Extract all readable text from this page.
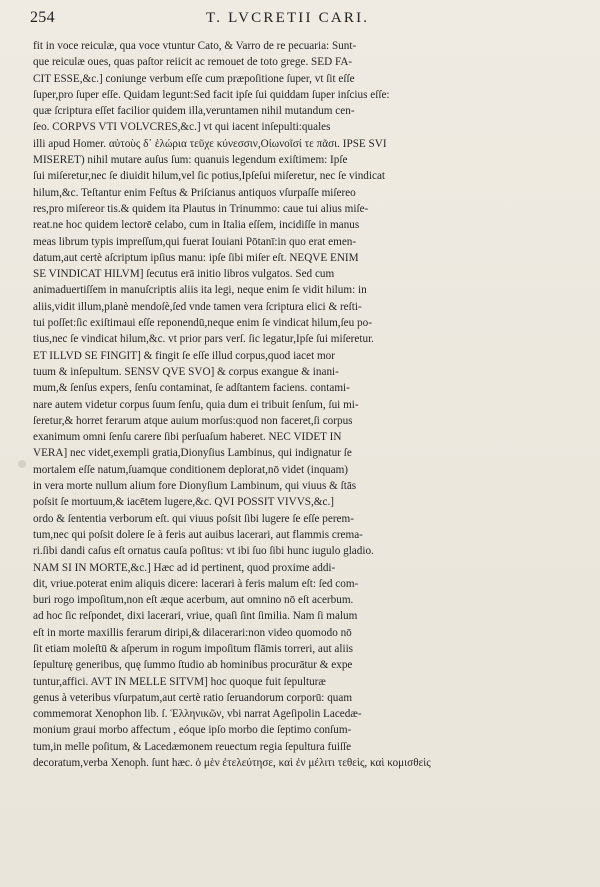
254	T. LVCRETII CARI.
fit in voce reiculæ, qua voce vtuntur Cato, & Varro de re pecuaria: Sunt-
que reiculæ oues, quas paſtor reiicit ac remouet de toto grege. SED FA-
CIT ESSE,&c.] coniunge verbum eſſe cum præpoſitione ſuper, vt ſit eſſe
ſuper,pro ſuper eſſe. Quidam legunt:Sed facit ipſe ſui quiddam ſuper inſcius eſſe:
quæ ſcriptura eſſet facilior quidem illa,veruntamen nihil mutandum cen-
ſeo. CORPVS VTI VOLVCRES,&c.] vt qui iacent inſepulti:quales
illi apud Homer. αὐτοὺς δ᾽ ἑλώρια τεῦχε κύνεσσιν,Οἰωνοῖσί τε πᾶσι. IPSE SVI
MISERET) nihil mutare auſus ſum: quanuis legendum exiſtimem: Ipſe
ſui miſeretur,nec ſe diuidit hilum,vel ſic potius,Ipſeſui miſeretur, nec ſe vindicat
hilum,&c. Teſtantur enim Feſtus & Priſcianus antiquos vſurpaſſe miſereo
res,pro miſereor tis.& quidem ita Plautus in Trinummo: caue tui alius miſe-
reat.ne hoc quidem lectorē celabo, cum in Italia eſſem, incidiſſe in manus
meas librum typis impreſſum,qui fuerat Iouiani Pōtanī:in quo erat emen-
datum,aut certè aſcriptum ipſius manu: ipſe ſibi miſer eſt. NEQVE ENIM
SE VINDICAT HILVM] ſecutus erā initio libros vulgatos. Sed cum
animaduertiſſem in manuſcriptis aliis ita legi, neque enim ſe vidit hilum: in
aliis,vidit illum,planè mendoſè,ſed vnde tamen vera ſcriptura elici & reſti-
tui poſſet:ſic exiſtimaui eſſe reponendū,neque enim ſe vindicat hilum,ſeu po-
tius,nec ſe vindicat hilum,&c. vt prior pars verſ. ſic legatur,Ipſe ſui miſeretur.
ET ILLVD SE FINGIT] & fingit ſe eſſe illud corpus,quod iacet mor
tuum & inſepultum. SENSV QVE SVO] & corpus exangue & inani-
mum,& ſenſus expers, ſenſu contaminat, ſe adſtantem faciens. contami-
nare autem videtur corpus ſuum ſenſu, quia dum ei tribuit ſenſum, ſui mi-
ſeretur,& horret ferarum atque auium morſus:quod non faceret,ſi corpus
exanimum omni ſenſu carere ſibi perſuaſum haberet. NEC VIDET IN
VERA] nec videt,exempli gratia,Dionyſius Lambinus, qui indignatur ſe
mortalem eſſe natum,ſuamque conditionem deplorat,nō videt (inquam)
in vera morte nullum alium fore Dionyſium Lambinum, qui viuus & ſtās
poſsit ſe mortuum,& iacētem lugere,&c. QVI POSSIT VIVVS,&c.]
ordo & ſententia verborum eſt. qui viuus poſsit ſibi lugere ſe eſſe perem-
tum,nec qui poſsit dolere ſe à feris aut auibus lacerari, aut flammis crema-
ri.ſibi dandi caſus eſt ornatus cauſa poſitus: vt ibi ſuo ſibi hunc iugulo gladio.
NAM SI IN MORTE,&c.] Hæc ad id pertinent, quod proxime addi-
dit, vriue.poterat enim aliquis dicere: lacerari à feris malum eſt: ſed com-
buri rogo impoſitum,non eſt æque acerbum, aut omnino nō eſt acerbum.
ad hoc ſic reſpondet, dixi lacerari, vriue, quaſi ſint ſimilia. Nam ſi malum
eſt in morte maxillis ferarum diripi,& dilacerari:non video quomodo nō
ſit etiam moleſtū & aſperum in rogum impoſitum flāmis torreri, aut aliis
ſepulturę generibus, quę ſummo ſtudio ab hominibus procurātur & expe
tuntur,affici. AVT IN MELLE SITVM] hoc quoque fuit ſepulturæ
genus à veteribus vſurpatum,aut certè ratio ſeruandorum corporū: quam
commemorat Xenophon lib. ſ. Ἑλληνικῶν, vbi narrat Ageſipolin Lacedæ-
monium graui morbo affectum , eóque ipſo morbo die ſeptimo conſum-
tum,in melle poſitum, & Lacedæmonem reuectum regia ſepultura fuiſſe
decoratum,verba Xenoph. ſunt hæc. ὁ μὲν ἐτελεύτησε, καὶ ἐν μέλιτι τεθεὶς, καὶ κομισθεὶς
